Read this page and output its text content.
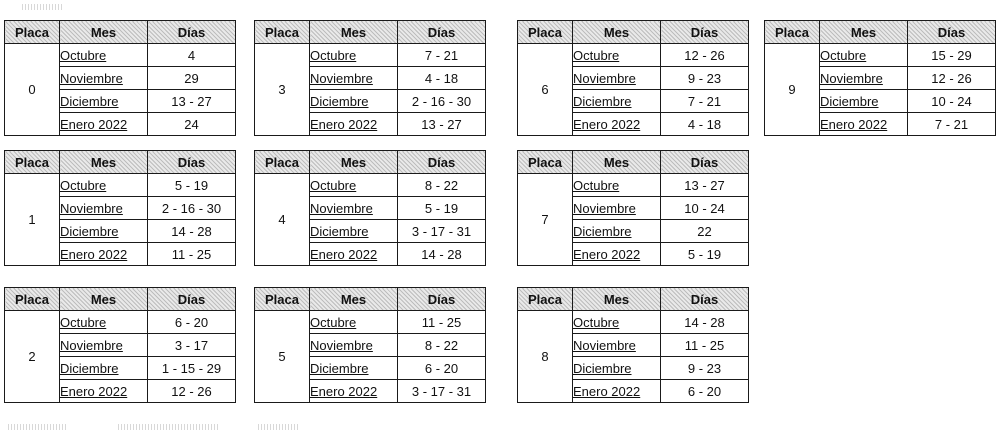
Placa	Mes	Días
0	Octubre	4
	Noviembre	29
	Diciembre	13 - 27
	Enero 2022	24
Placa	Mes	Días
3	Octubre	7 - 21
	Noviembre	4 - 18
	Diciembre	2 - 16 - 30
	Enero 2022	13 - 27
Placa	Mes	Días
6	Octubre	12 - 26
	Noviembre	9 - 23
	Diciembre	7 - 21
	Enero 2022	4 - 18
Placa	Mes	Días
9	Octubre	15 - 29
	Noviembre	12 - 26
	Diciembre	10 - 24
	Enero 2022	7 - 21
Placa	Mes	Días
1	Octubre	5 - 19
	Noviembre	2 - 16 - 30
	Diciembre	14 - 28
	Enero 2022	11 - 25
Placa	Mes	Días
4	Octubre	8 - 22
	Noviembre	5 - 19
	Diciembre	3 - 17 - 31
	Enero 2022	14 - 28
Placa	Mes	Días
7	Octubre	13 - 27
	Noviembre	10 - 24
	Diciembre	22
	Enero 2022	5 - 19
Placa	Mes	Días
2	Octubre	6 - 20
	Noviembre	3 - 17
	Diciembre	1 - 15 - 29
	Enero 2022	12 - 26
Placa	Mes	Días
5	Octubre	11 - 25
	Noviembre	8 - 22
	Diciembre	6 - 20
	Enero 2022	3 - 17 - 31
Placa	Mes	Días
8	Octubre	14 - 28
	Noviembre	11 - 25
	Diciembre	9 - 23
	Enero 2022	6 - 20
